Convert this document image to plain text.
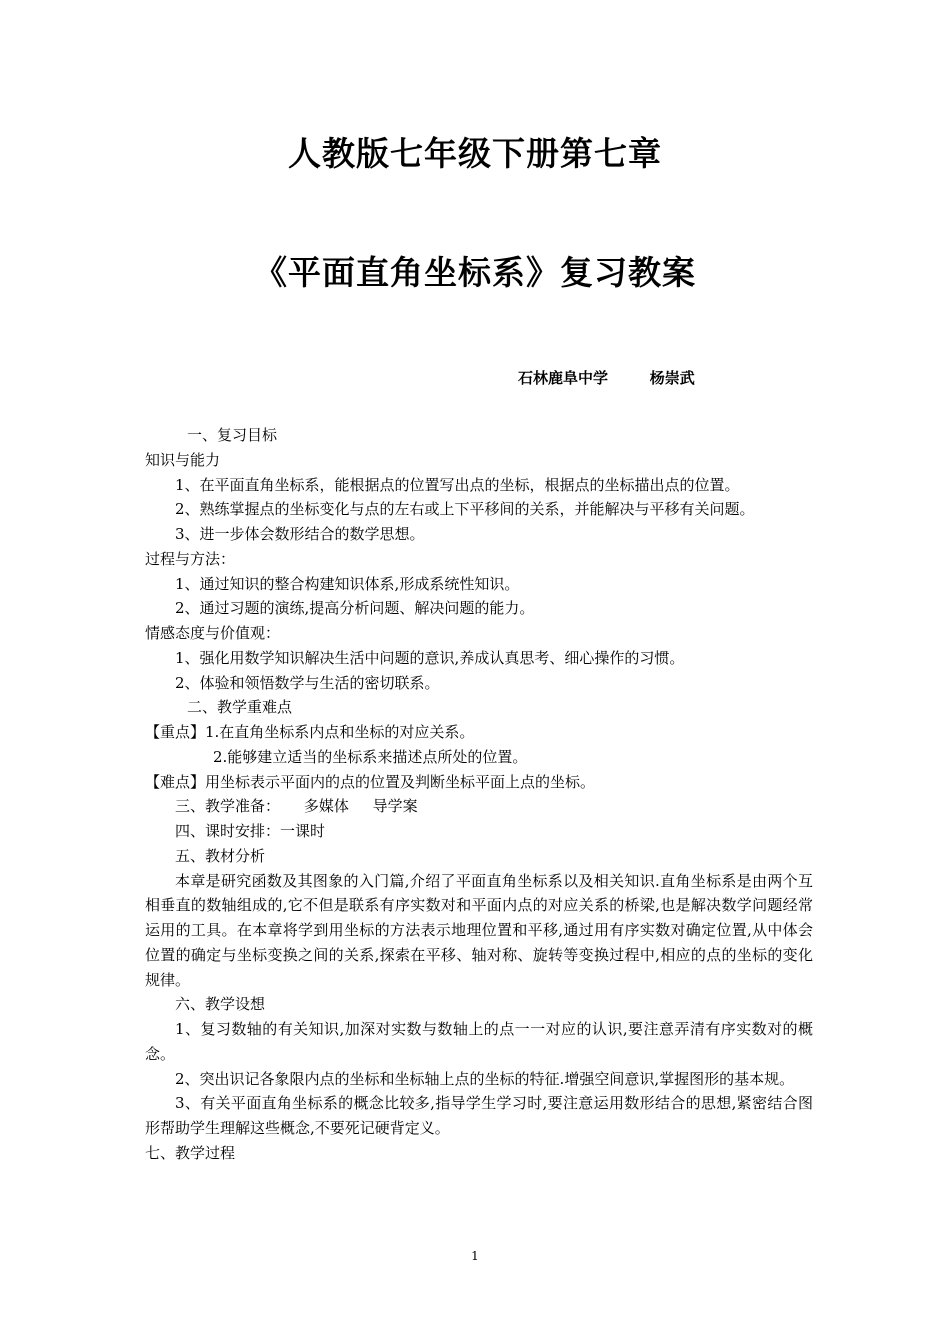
人教版七年级下册第七章
《平面直角坐标系》复习教案
石林鹿阜中学        杨崇武

一、复习目标

知识与能力

1、在平面直角坐标系，能根据点的位置写出点的坐标，根据点的坐标描出点的位置。

2、熟练掌握点的坐标变化与点的左右或上下平移间的关系，并能解决与平移有关问题。

3、进一步体会数形结合的数学思想。

过程与方法：

1、通过知识的整合构建知识体系,形成系统性知识。

2、通过习题的演练,提高分析问题、解决问题的能力。

情感态度与价值观：

1、强化用数学知识解决生活中问题的意识,养成认真思考、细心操作的习惯。

2、体验和领悟数学与生活的密切联系。

二、教学重难点

【重点】1.在直角坐标系内点和坐标的对应关系。

2.能够建立适当的坐标系来描述点所处的位置。

【难点】用坐标表示平面内的点的位置及判断坐标平面上点的坐标。

三、教学准备：     多媒体     导学案

四、课时安排：一课时

五、教材分析

本章是研究函数及其图象的入门篇,介绍了平面直角坐标系以及相关知识.直角坐标系是由两个互相垂直的数轴组成的,它不但是联系有序实数对和平面内点的对应关系的桥梁,也是解决数学问题经常运用的工具。在本章将学到用坐标的方法表示地理位置和平移,通过用有序实数对确定位置,从中体会位置的确定与坐标变换之间的关系,探索在平移、轴对称、旋转等变换过程中,相应的点的坐标的变化规律。

六、教学设想

1、复习数轴的有关知识,加深对实数与数轴上的点一一对应的认识,要注意弄清有序实数对的概念。

2、突出识记各象限内点的坐标和坐标轴上点的坐标的特征.增强空间意识,掌握图形的基本规。

3、有关平面直角坐标系的概念比较多,指导学生学习时,要注意运用数形结合的思想,紧密结合图形帮助学生理解这些概念,不要死记硬背定义。

七、教学过程

1
